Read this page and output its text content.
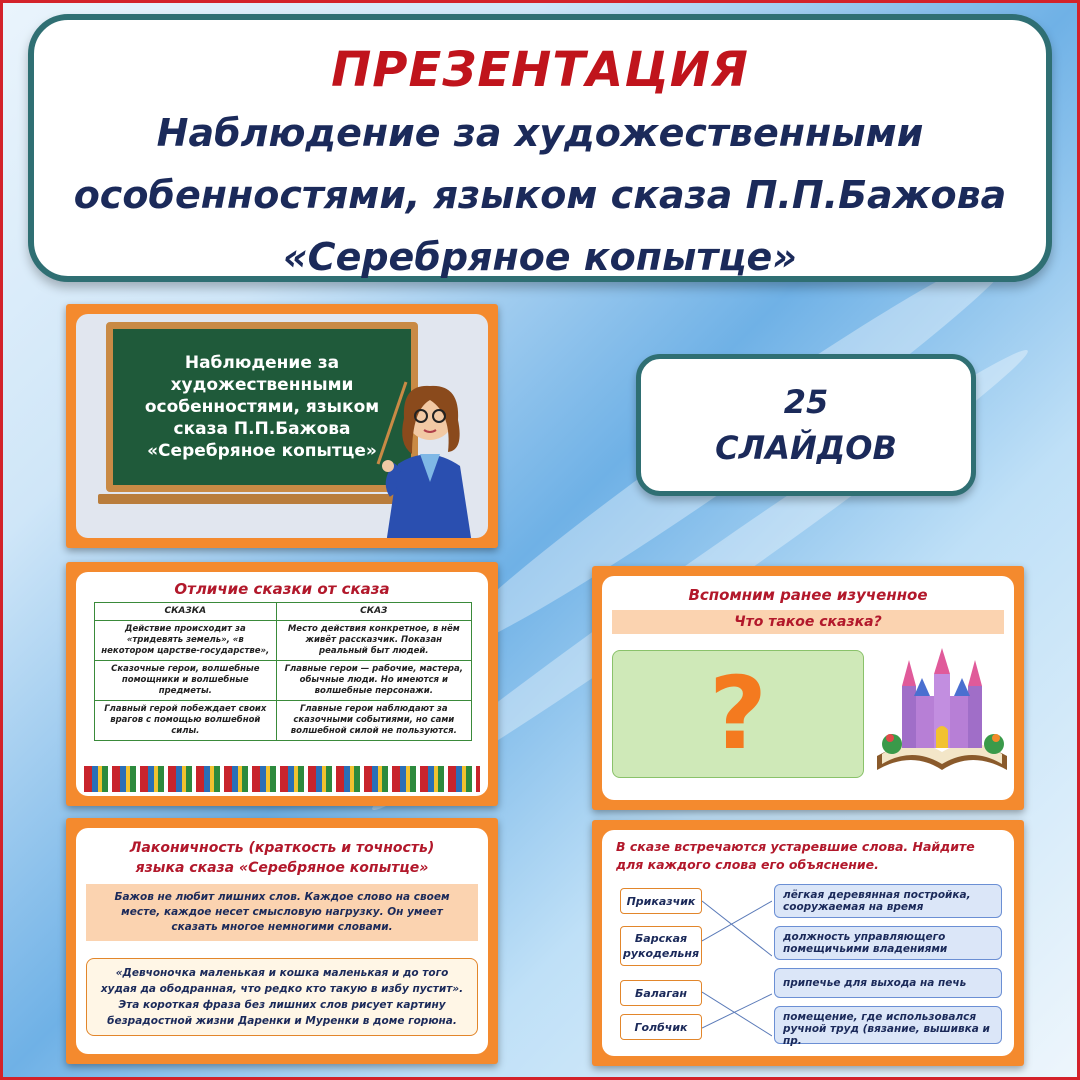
ПРЕЗЕНТАЦИЯ
Наблюдение за художественными
особенностями, языком сказа П.П.Бажова
«Серебряное копытце»
Наблюдение за художественными особенностями, языком сказа П.П.Бажова «Серебряное копытце»
25
СЛАЙДОВ
Отличие сказки от сказа
СКАЗКА	СКАЗ
Действие происходит за «тридевять земель», «в некотором царстве-государстве»,	Место действия конкретное, в нём живёт рассказчик. Показан реальный быт людей.
Сказочные герои, волшебные помощники и волшебные предметы.	Главные герои — рабочие, мастера, обычные люди. Но имеются и волшебные персонажи.
Главный герой побеждает своих врагов с помощью волшебной силы.	Главные герои наблюдают за сказочными событиями, но сами волшебной силой не пользуются.
Вспомним ранее изученное
Что такое сказка?
?
Лаконичность (краткость и точность)
языка сказа «Серебряное копытце»
Бажов не любит лишних слов. Каждое слово на своем месте, каждое несет смысловую нагрузку. Он умеет сказать многое немногими словами.
«Девчоночка маленькая и кошка маленькая и до того худая да ободранная, что редко кто такую в избу пустит». Эта короткая фраза без лишних слов рисует картину безрадостной жизни Даренки и Муренки в доме горюна.
В сказе встречаются устаревшие слова. Найдите для каждого слова его объяснение.
Приказчик
Барская рукодельня
Балаган
Голбчик
лёгкая деревянная постройка, сооружаемая на время
должность управляющего помещичьими владениями
припечье для выхода на печь
помещение, где использовался ручной труд (вязание, вышивка и пр.
